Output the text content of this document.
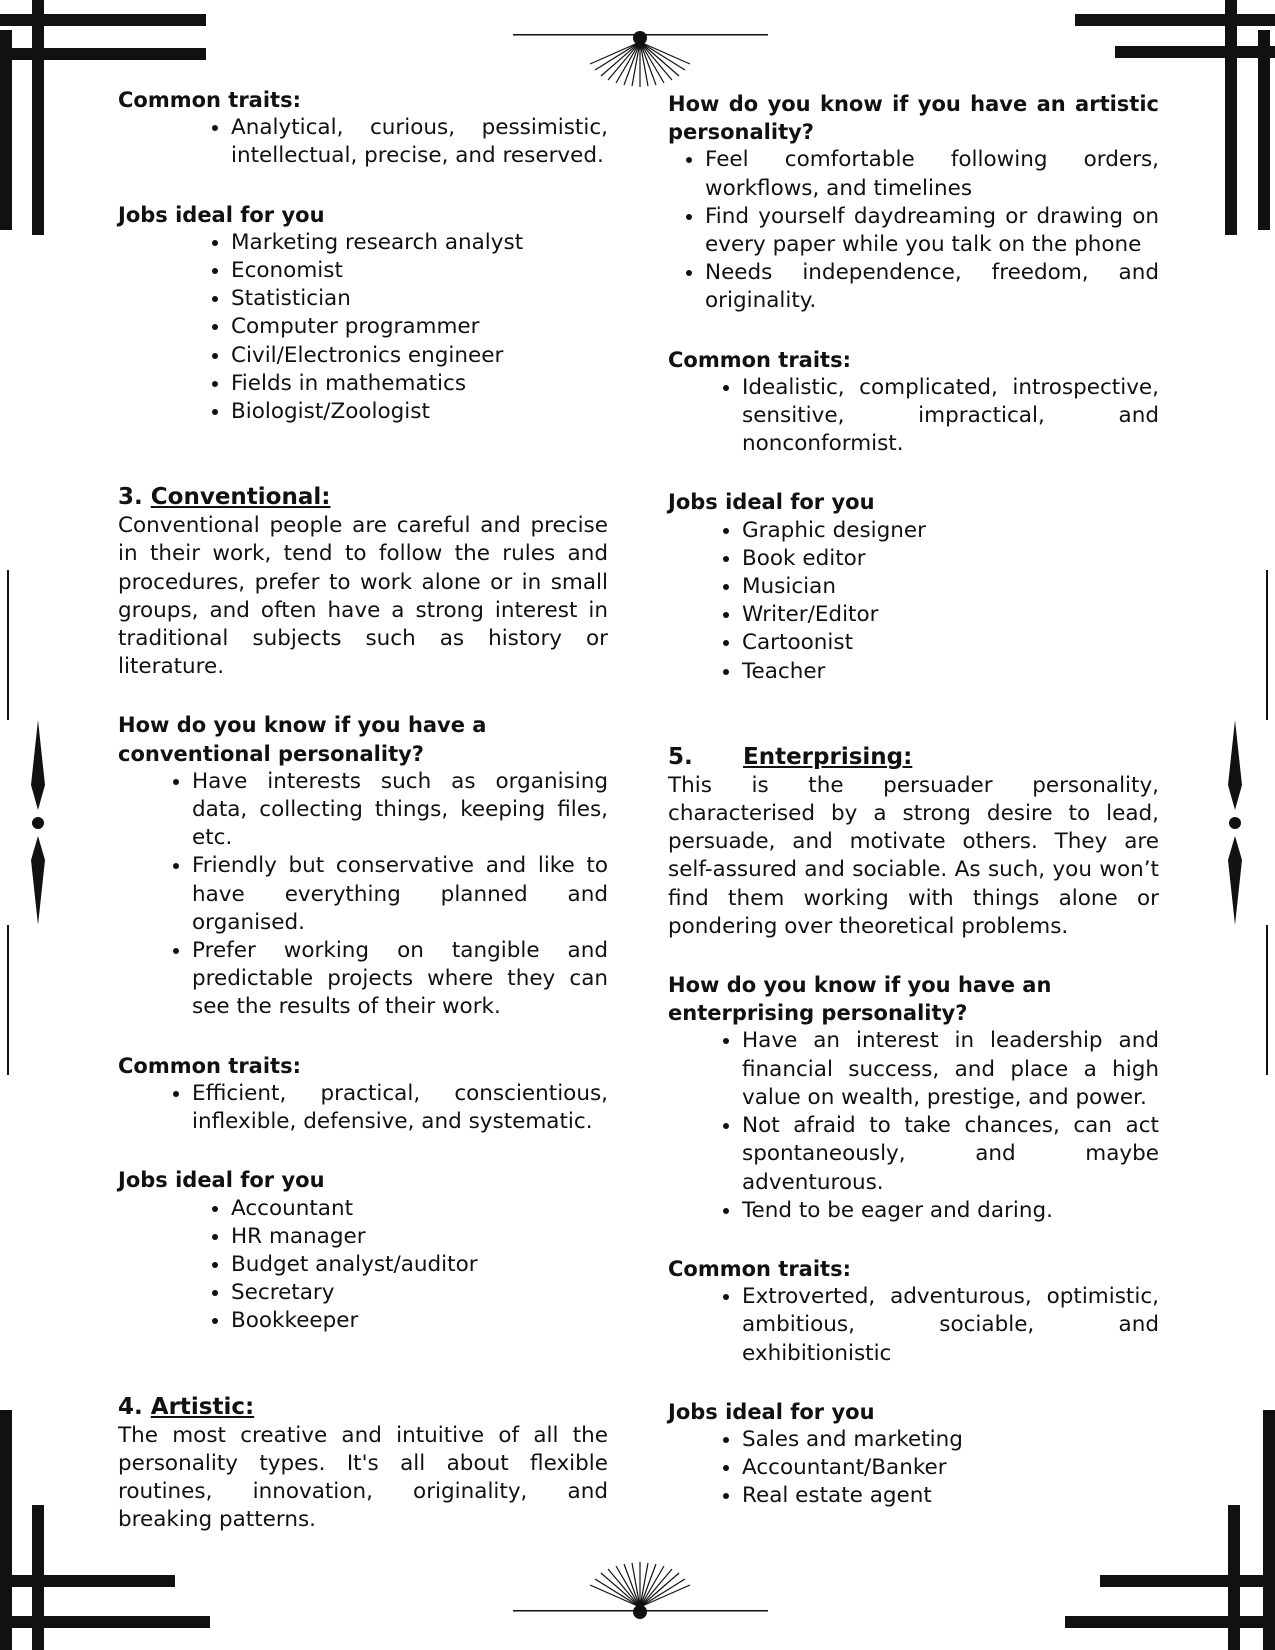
Common traits:

• Analytical, curious, pessimistic, intellectual, precise, and reserved.

Jobs ideal for you

• Marketing research analyst
• Economist
• Statistician
• Computer programmer
• Civil/Electronics engineer
• Fields in mathematics
• Biologist/Zoologist

3. Conventional:

Conventional people are careful and precise in their work, tend to follow the rules and procedures, prefer to work alone or in small groups, and often have a strong interest in traditional subjects such as history or literature.

How do you know if you have a conventional personality?

• Have interests such as organising data, collecting things, keeping files, etc.
• Friendly but conservative and like to have everything planned and organised.
• Prefer working on tangible and predictable projects where they can see the results of their work.

Common traits:

• Efficient, practical, conscientious, inflexible, defensive, and systematic.

Jobs ideal for you

• Accountant
• HR manager
• Budget analyst/auditor
• Secretary
• Bookkeeper

4. Artistic:

The most creative and intuitive of all the personality types. It's all about flexible routines, innovation, originality, and breaking patterns.

How do you know if you have an artistic personality?

• Feel comfortable following orders, workflows, and timelines
• Find yourself daydreaming or drawing on every paper while you talk on the phone
• Needs independence, freedom, and originality.

Common traits:

• Idealistic, complicated, introspective, sensitive, impractical, and nonconformist.

Jobs ideal for you

• Graphic designer
• Book editor
• Musician
• Writer/Editor
• Cartoonist
• Teacher

5. Enterprising:

This is the persuader personality, characterised by a strong desire to lead, persuade, and motivate others. They are self-assured and sociable. As such, you won’t find them working with things alone or pondering over theoretical problems.

How do you know if you have an enterprising personality?

• Have an interest in leadership and financial success, and place a high value on wealth, prestige, and power.
• Not afraid to take chances, can act spontaneously, and maybe adventurous.
• Tend to be eager and daring.

Common traits:

• Extroverted, adventurous, optimistic, ambitious, sociable, and exhibitionistic

Jobs ideal for you

• Sales and marketing
• Accountant/Banker
• Real estate agent
